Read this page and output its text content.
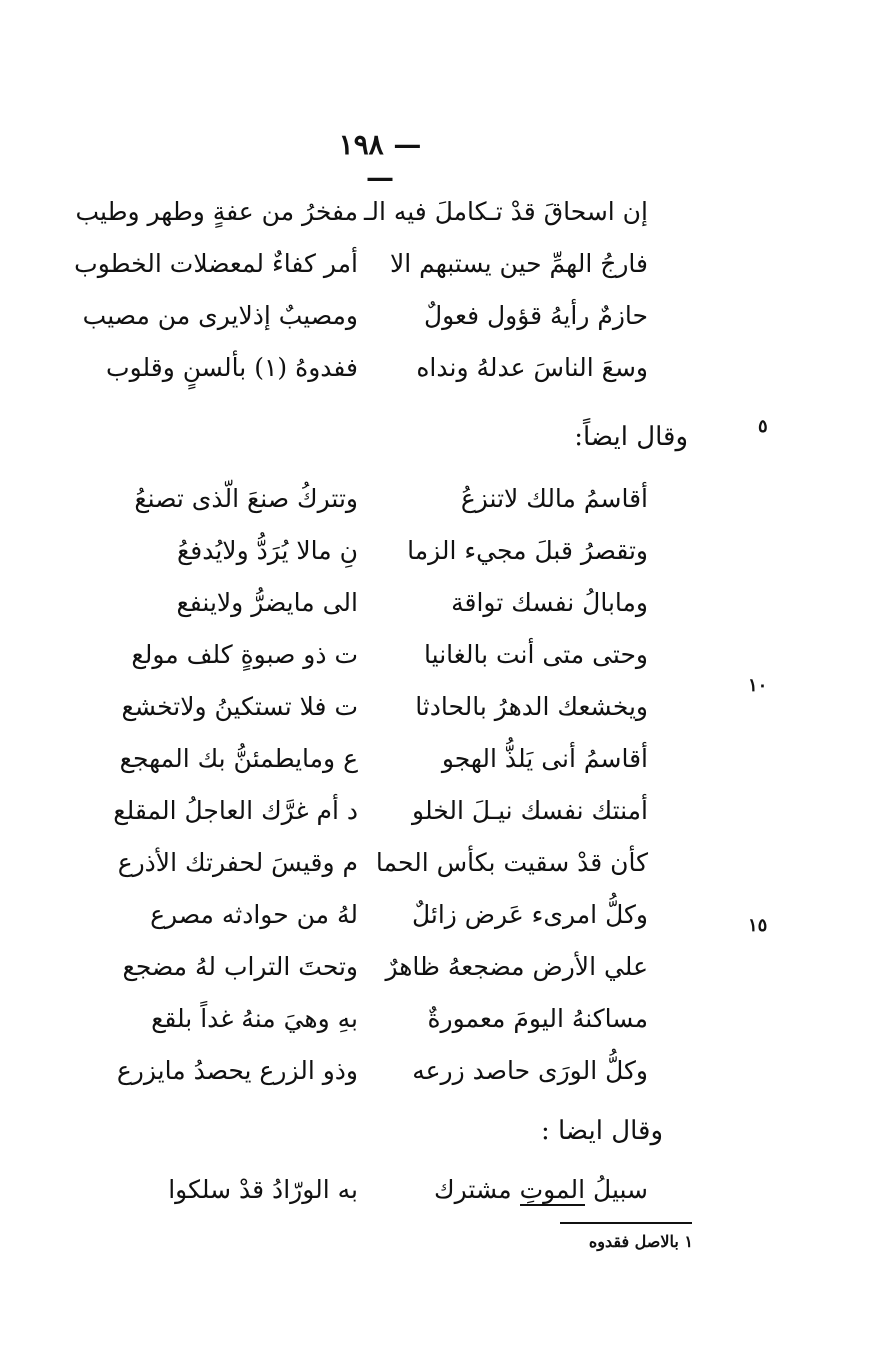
— ١٩٨—
إن اسحاقَ قدْ تـكاملَ فيه الـ
مفخرُ من عفةٍ وطهر وطيب
فارجُ الهمِّ حين يستبهم الا
أمر كفاءٌ لمعضلات الخطوب
حازمٌ رأيهُ قؤول فعولٌ
ومصيبٌ إذلايرى من مصيب
وسعَ الناسَ عدلهُ ونداه
ففدوهُ (١) بألسنٍ وقلوب
٥
وقال ايضاً:
أقاسمُ مالك لاتنزعُ
وتتركُ صنعَ الّذى تصنعُ
وتقصرُ قبلَ مجيء الزما
نِ مالا يُرَدُّ ولايُدفعُ
ومابالُ نفسك تواقة
الى مايضرُّ ولاينفع
وحتى متى أنت بالغانيا
ت ذو صبوةٍ كلف مولع
ويخشعك الدهرُ بالحادثا
ت فلا تستكينُ ولاتخشع
أقاسمُ أنى يَلذُّ الهجو
ع ومايطمئنُّ بك المهجع
أمنتك نفسك نيـلَ الخلو
د أم غرَّك العاجلُ المقلع
كأن قدْ سقيت بكأس الحما
م وقيسَ لحفرتك الأذرع
وكلُّ امرىء عَرض زائلٌ
لهُ من حوادثه مصرع
علي الأرض مضجعهُ ظاهرٌ
وتحتَ التراب لهُ مضجع
مساكنهُ اليومَ معمورةٌ
بهِ وهيَ منهُ غداً بلقع
وكلُّ الورَى حاصد زرعه
وذو الزرع يحصدُ مايزرع
١٠
١٥
وقال ايضا :
سبيلُ الموتِ مشترك
به الورّادُ قدْ سلكوا
١ بالاصل فقدوه
